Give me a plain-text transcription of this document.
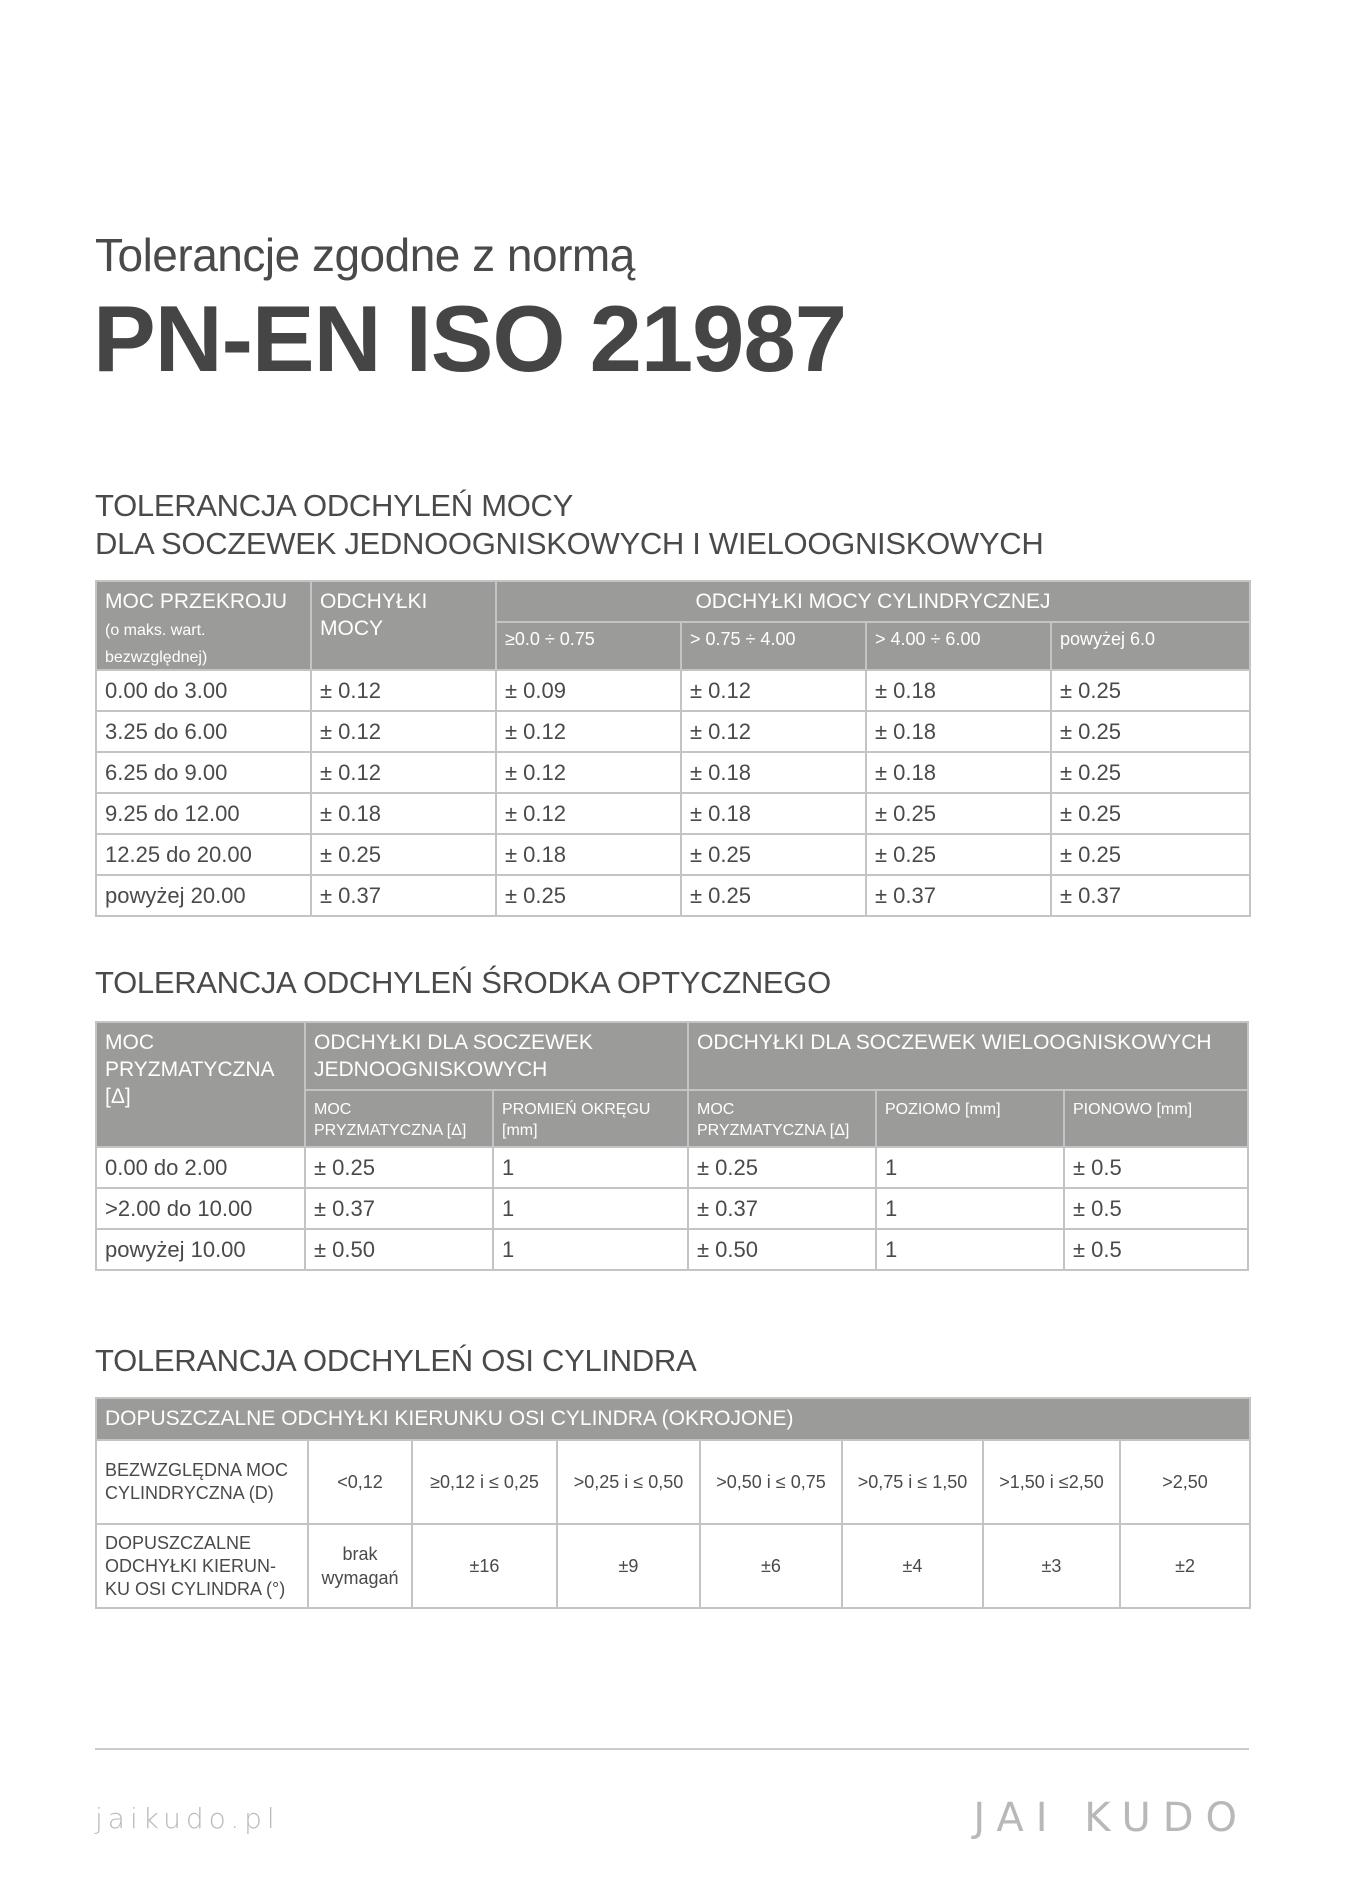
Tolerancje zgodne z normą
PN-EN ISO 21987
TOLERANCJA ODCHYLEŃ MOCY
DLA SOCZEWEK JEDNOOGNISKOWYCH I WIELOOGNISKOWYCH
MOC PRZEKROJU
(o maks. wart.
bezwzględnej)	ODCHYŁKI MOCY	ODCHYŁKI MOCY CYLINDRYCZNEJ			
		≥0.0 ÷ 0.75	> 0.75 ÷ 4.00	> 4.00 ÷ 6.00	powyżej 6.0
0.00 do 3.00	± 0.12	± 0.09	± 0.12	± 0.18	± 0.25
3.25 do 6.00	± 0.12	± 0.12	± 0.12	± 0.18	± 0.25
6.25 do 9.00	± 0.12	± 0.12	± 0.18	± 0.18	± 0.25
9.25 do 12.00	± 0.18	± 0.12	± 0.18	± 0.25	± 0.25
12.25 do 20.00	± 0.25	± 0.18	± 0.25	± 0.25	± 0.25
powyżej 20.00	± 0.37	± 0.25	± 0.25	± 0.37	± 0.37
TOLERANCJA ODCHYLEŃ ŚRODKA OPTYCZNEGO
MOC PRYZMATYCZNA [Δ]	ODCHYŁKI DLA SOCZEWEK JEDNOOGNISKOWYCH		ODCHYŁKI DLA SOCZEWEK WIELOOGNISKOWYCH		
	MOC PRYZMATYCZNA [Δ]	PROMIEŃ OKRĘGU [mm]	MOC PRYZMATYCZNA [Δ]	POZIOMO [mm]	PIONOWO [mm]
0.00 do 2.00	± 0.25	1	± 0.25	1	± 0.5
>2.00 do 10.00	± 0.37	1	± 0.37	1	± 0.5
powyżej 10.00	± 0.50	1	± 0.50	1	± 0.5
TOLERANCJA ODCHYLEŃ OSI CYLINDRA
DOPUSZCZALNE ODCHYŁKI KIERUNKU OSI CYLINDRA (OKROJONE)							
BEZWZGLĘDNA MOC CYLINDRYCZNA (D)	<0,12	≥0,12 i ≤ 0,25	>0,25 i ≤ 0,50	>0,50 i ≤ 0,75	>0,75 i ≤ 1,50	>1,50 i ≤2,50	>2,50
DOPUSZCZALNE ODCHYŁKI KIERUN-KU OSI CYLINDRA (°)	brak wymagań	±16	±9	±6	±4	±3	±2
jaikudo.pl	JAI KUDO
